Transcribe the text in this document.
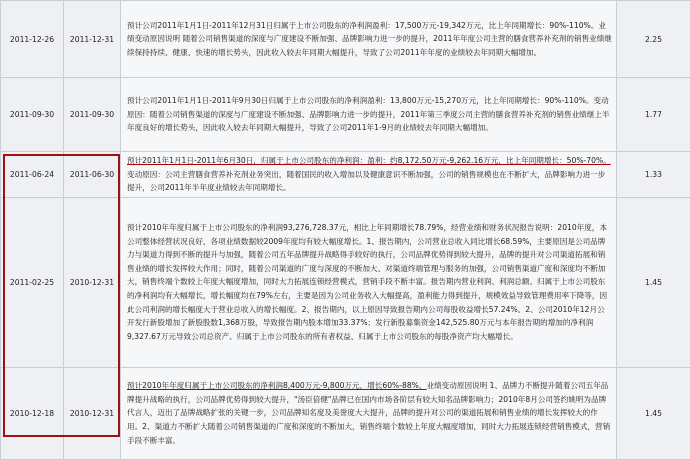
2011-12-26	2011-12-31	预计公司2011年1月1日-2011年12月31日归属于上市公司股东的净利润盈利：17,500万元-19,342万元，比上年同期增长：90%-110%。业绩变动原因说明 随着公司销售渠道的深度与广度建设不断加强、品牌影响力进一步的提升，2011年年度公司主营的膳食营养补充剂的销售业绩继续保持持续、健康、快速的增长势头，因此收入较去年同期大幅提升，导致了公司2011年年度的业绩较去年同期大幅增加。	2.25
2011-09-30	2011-09-30	预计公司2011年1月1日-2011年9月30日归属于上市公司股东的净利润盈利：13,800万元-15,270万元，比上年同期增长：90%-110%。变动原因：随着公司销售渠道的深度与广度建设不断加强、品牌影响力进一步的提升，2011年第三季度公司主营的膳食营养补充剂的销售业绩继上半年度良好的增长势头，因此收入较去年同期大幅提升，导致了公司2011年1-9月的业绩较去年同期大幅增加。	1.77
2011-06-24	2011-06-30	预计2011年1月1日-2011年6月30日，归属于上市公司股东的净利润：盈利：约8,172.50万元-9,262.16万元，比上年同期增长：50%-70%。变动原因：公司主营膳食营养补充剂业务突出，随着国民的收入增加以及健康意识不断加强，公司的销售规模也在不断扩大，品牌影响力进一步提升，公司2011年半年度业绩较去年同期增长。	1.33
2011-02-25	2010-12-31	预计2010年年度归属于上市公司股东的净利润93,276,728.37元，相比上年同期增长78.79%，经营业绩和财务状况报告说明：2010年度，本公司整体经营状况良好，各项业绩数据较2009年度均有较大幅度增长。1、报告期内，公司营业总收入同比增长68.59%，主要原因是公司品牌力与渠道力得到不断的提升与加强，随着公司五年品牌提升战略得手较好的执行，公司品牌优势得到较大提升，品牌的提升对公司渠道拓展和销售业绩的增长发挥较大作用；同时，随着公司渠道的广度与深度的不断加大、对渠道终端管理与服务的加强，公司销售渠道广度和深度均不断加大，销售终端个数较上年度大幅度增加，同时大力拓展连锁经营模式，营销手段不断丰富。报告期内营业利润、利润总额、归属于上市公司股东的净利润均有大幅增长，增长幅度均在79%左右，主要是因为公司业务收入大幅提高，盈利能力得到提升，规模效益导致管理费用率下降等，因此公司利润的增长幅度大于营业总收入的增长幅度。2、报告期内，以上原因导致报告期内公司每股收益增长57.24%。2、公司2010年12月公开发行新股增加了新股股数1,368万股，导致报告期内股本增加33.37%；发行新股募集资金142,525.80万元与本年报告期的增加的净利润9,327.67万元导致公司总资产、归属于上市公司股东的所有者权益、归属于上市公司股东的每股净资产均大幅增长。	1.45
2010-12-18	2010-12-31	预计2010年年度归属于上市公司股东的净利润8,400万元-9,800万元，增长60%-88%，业绩变动原因说明 1、品牌力不断提升随着公司五年品牌提升战略的执行，公司品牌优势得到较大提升，"汤臣倍健"品牌已在国内市场各阶层有较大知名品牌影响力；2010年8月公司签约姚明为品牌代言人，迈出了品牌战略扩张的关键一步，公司品牌知名度及美誉度大大提升，品牌的提升对公司的渠道拓展和销售业绩的增长发挥较大的作用。2、渠道力不断扩大随着公司销售渠道的广度和深度的不断加大，销售终端个数较上年度大幅度增加，同时大力拓展连锁经营销售模式，营销手段不断丰富。	1.45
